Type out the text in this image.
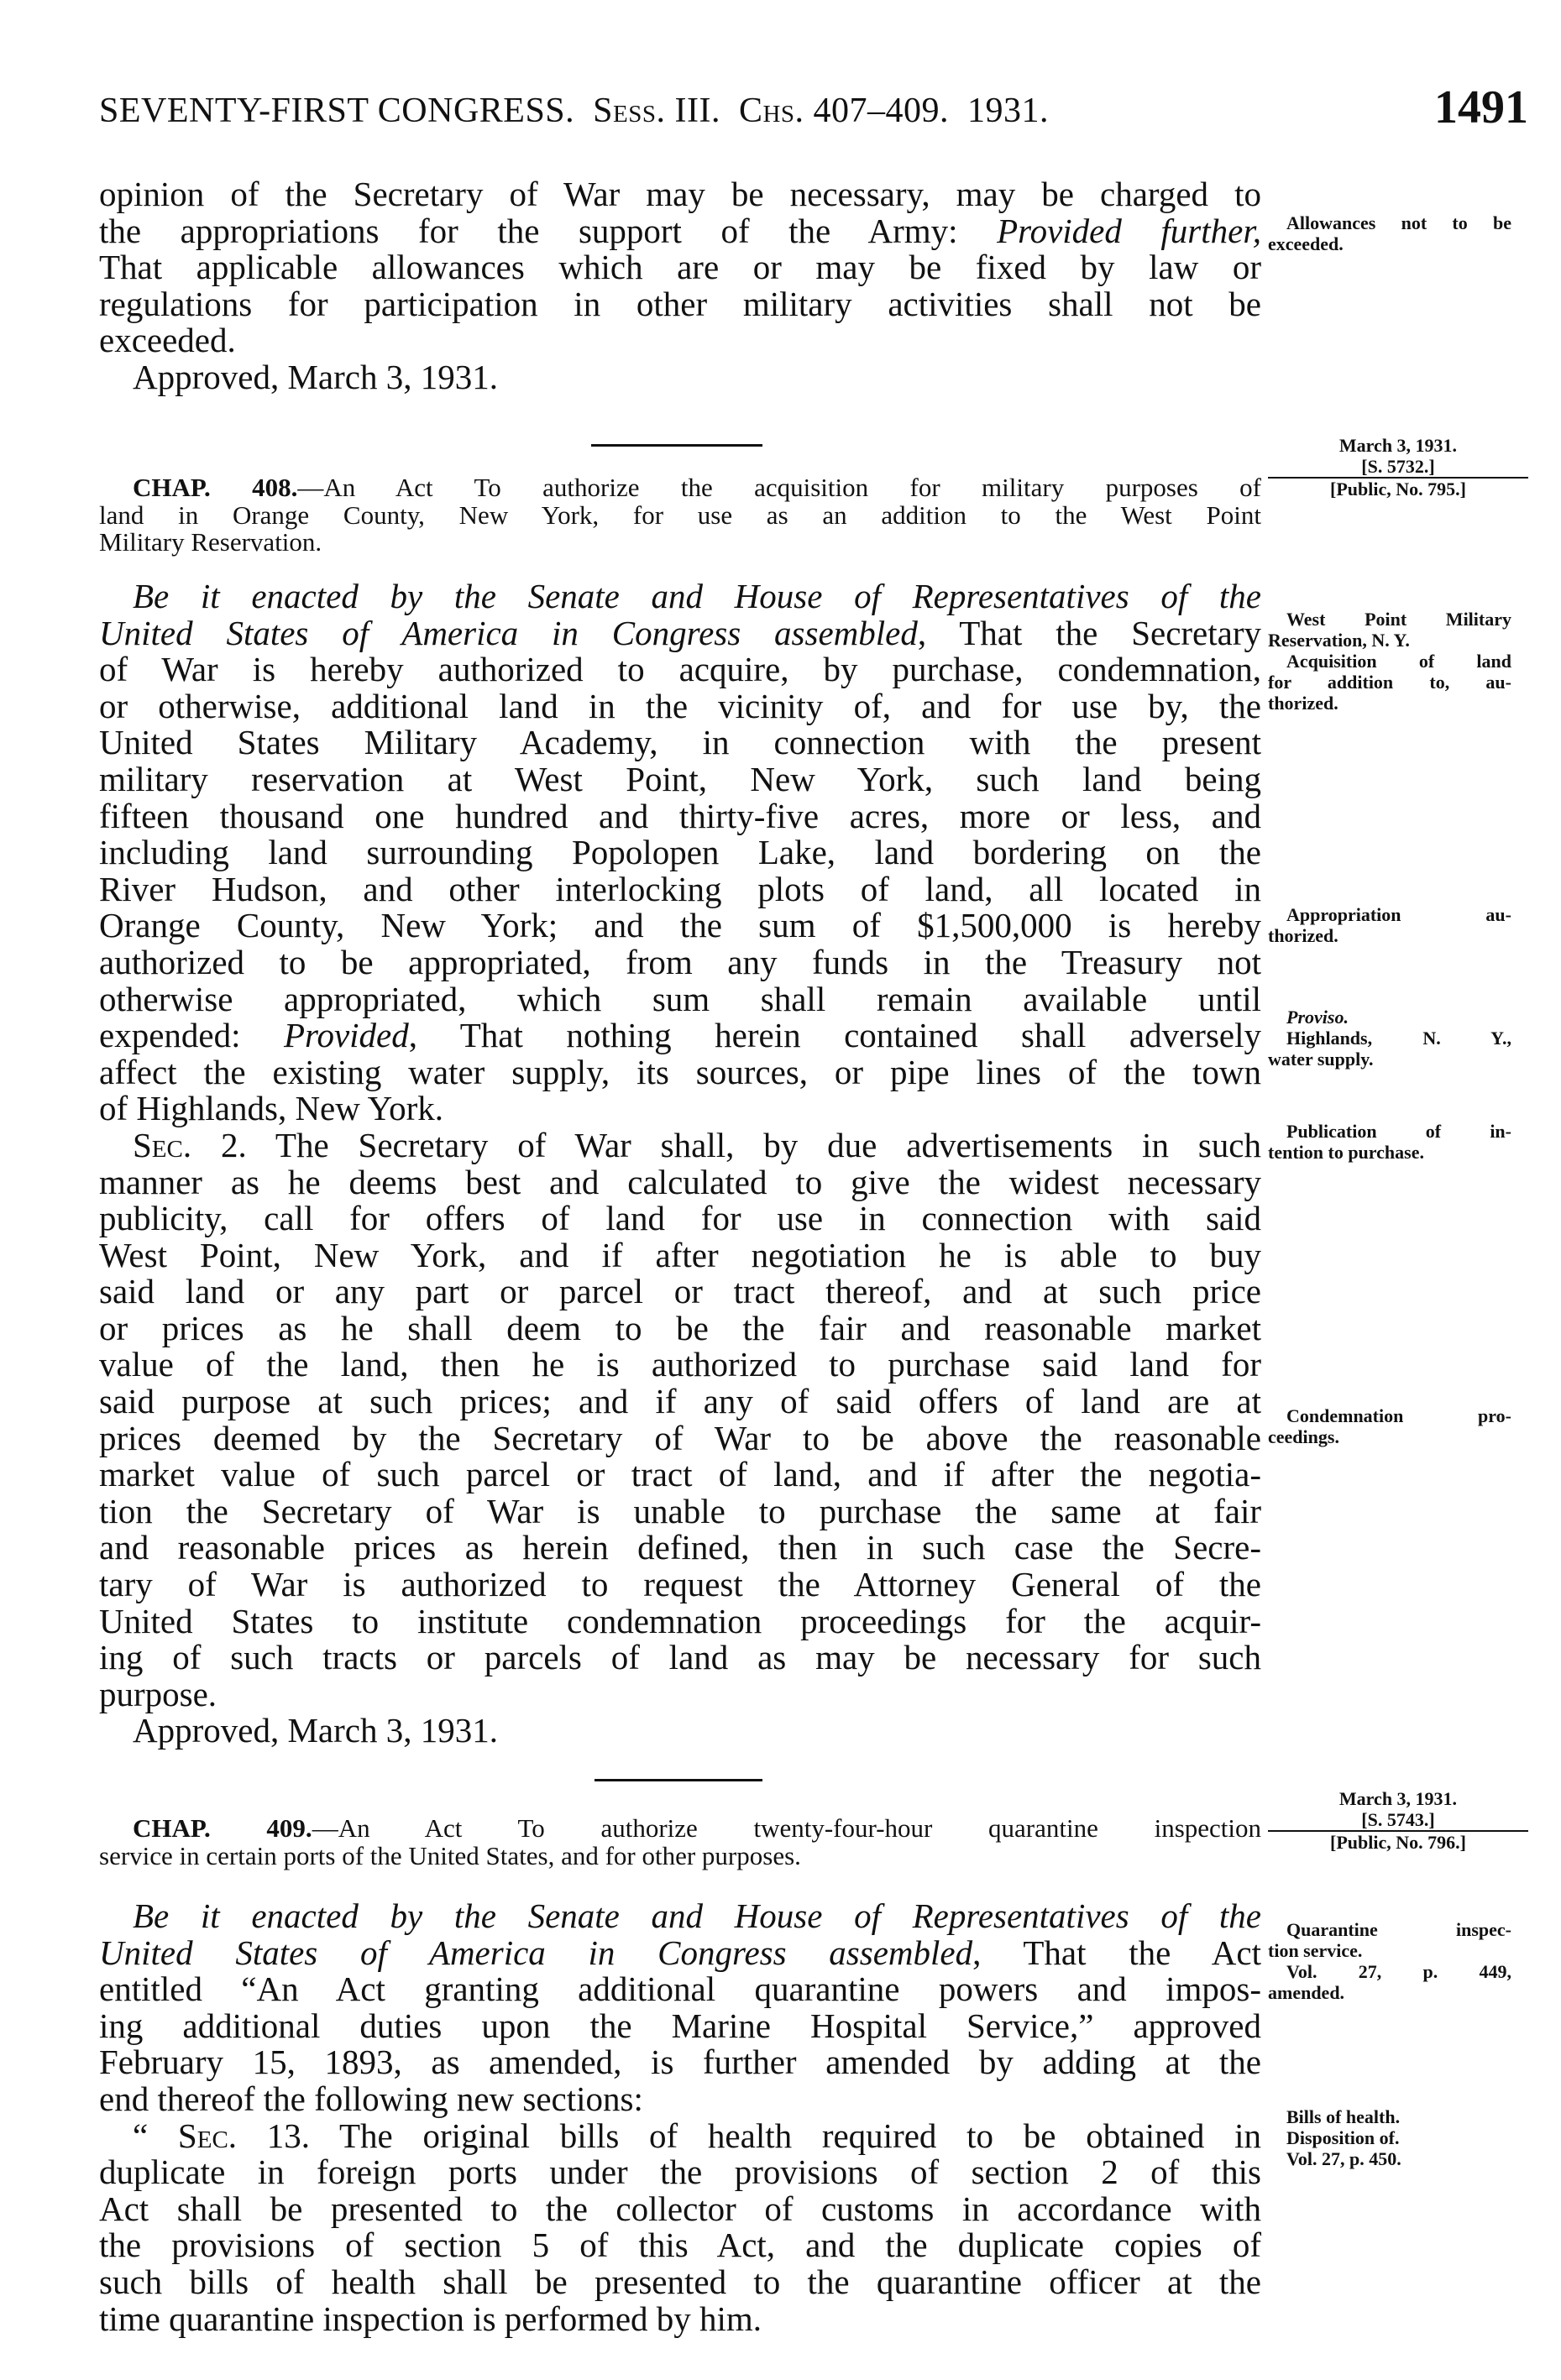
SEVENTY-FIRST CONGRESS. Sess. III. Chs. 407–409. 1931.	1491
opinion of the Secretary of War may be necessary, may be charged to
the appropriations for the support of the Army: Provided further,
That applicable allowances which are or may be fixed by law or
regulations for participation in other military activities shall not be
exceeded.
Approved, March 3, 1931.
CHAP. 408.—An Act To authorize the acquisition for military purposes of
land in Orange County, New York, for use as an addition to the West Point
Military Reservation.
Be it enacted by the Senate and House of Representatives of the
United States of America in Congress assembled, That the Secretary
of War is hereby authorized to acquire, by purchase, condemnation,
or otherwise, additional land in the vicinity of, and for use by, the
United States Military Academy, in connection with the present
military reservation at West Point, New York, such land being
fifteen thousand one hundred and thirty-five acres, more or less, and
including land surrounding Popolopen Lake, land bordering on the
River Hudson, and other interlocking plots of land, all located in
Orange County, New York; and the sum of $1,500,000 is hereby
authorized to be appropriated, from any funds in the Treasury not
otherwise appropriated, which sum shall remain available until
expended: Provided, That nothing herein contained shall adversely
affect the existing water supply, its sources, or pipe lines of the town
of Highlands, New York.
Sec. 2. The Secretary of War shall, by due advertisements in such
manner as he deems best and calculated to give the widest necessary
publicity, call for offers of land for use in connection with said
West Point, New York, and if after negotiation he is able to buy
said land or any part or parcel or tract thereof, and at such price
or prices as he shall deem to be the fair and reasonable market
value of the land, then he is authorized to purchase said land for
said purpose at such prices; and if any of said offers of land are at
prices deemed by the Secretary of War to be above the reasonable
market value of such parcel or tract of land, and if after the negotia-
tion the Secretary of War is unable to purchase the same at fair
and reasonable prices as herein defined, then in such case the Secre-
tary of War is authorized to request the Attorney General of the
United States to institute condemnation proceedings for the acquir-
ing of such tracts or parcels of land as may be necessary for such
purpose.
Approved, March 3, 1931.
CHAP. 409.—An Act To authorize twenty-four-hour quarantine inspection
service in certain ports of the United States, and for other purposes.
Be it enacted by the Senate and House of Representatives of the
United States of America in Congress assembled, That the Act
entitled “An Act granting additional quarantine powers and impos-
ing additional duties upon the Marine Hospital Service,” approved
February 15, 1893, as amended, is further amended by adding at the
end thereof the following new sections:
“ Sec. 13. The original bills of health required to be obtained in
duplicate in foreign ports under the provisions of section 2 of this
Act shall be presented to the collector of customs in accordance with
the provisions of section 5 of this Act, and the duplicate copies of
such bills of health shall be presented to the quarantine officer at the
time quarantine inspection is performed by him.
March 3, 1931.
[S. 5732.]
[Public, No. 795.]
March 3, 1931.
[S. 5743.]
[Public, No. 796.]
Allowances not to be
exceeded.
West Point Military
Reservation, N. Y.
Acquisition of land
for addition to, au-
thorized.
Appropriation au-
thorized.
Proviso.
Highlands, N. Y.,
water supply.
Publication of in-
tention to purchase.
Condemnation pro-
ceedings.
Quarantine inspec-
tion service.
Vol. 27, p. 449,
amended.
Bills of health.
Disposition of.
Vol. 27, p. 450.
